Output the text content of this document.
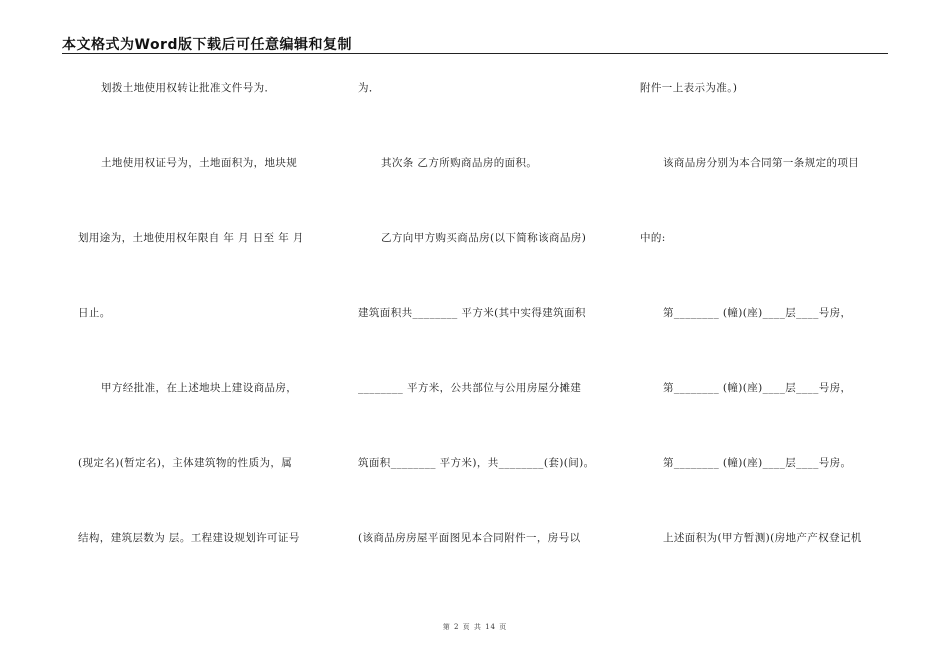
本文格式为Word版下载后可任意编辑和复制
划拨土地使用权转让批准文件号为．
土地使用权证号为，土地面积为，地块规
划用途为，土地使用权年限自 年 月 日至 年 月
日止。
甲方经批准，在上述地块上建设商品房，
(现定名)(暂定名)，主体建筑物的性质为，属
结构，建筑层数为 层。工程建设规划许可证号
为．
其次条 乙方所购商品房的面积。
乙方向甲方购买商品房(以下简称该商品房)
建筑面积共________ 平方米(其中实得建筑面积
________ 平方米，公共部位与公用房屋分摊建
筑面积________ 平方米)，共________(套)(间)。
(该商品房房屋平面图见本合同附件一，房号以
附件一上表示为准。)
该商品房分别为本合同第一条规定的项目
中的:
第________ (幢)(座)____层____号房，
第________ (幢)(座)____层____号房，
第________ (幢)(座)____层____号房。
上述面积为(甲方暂测)(房地产产权登记机
第 2 页 共 14 页
